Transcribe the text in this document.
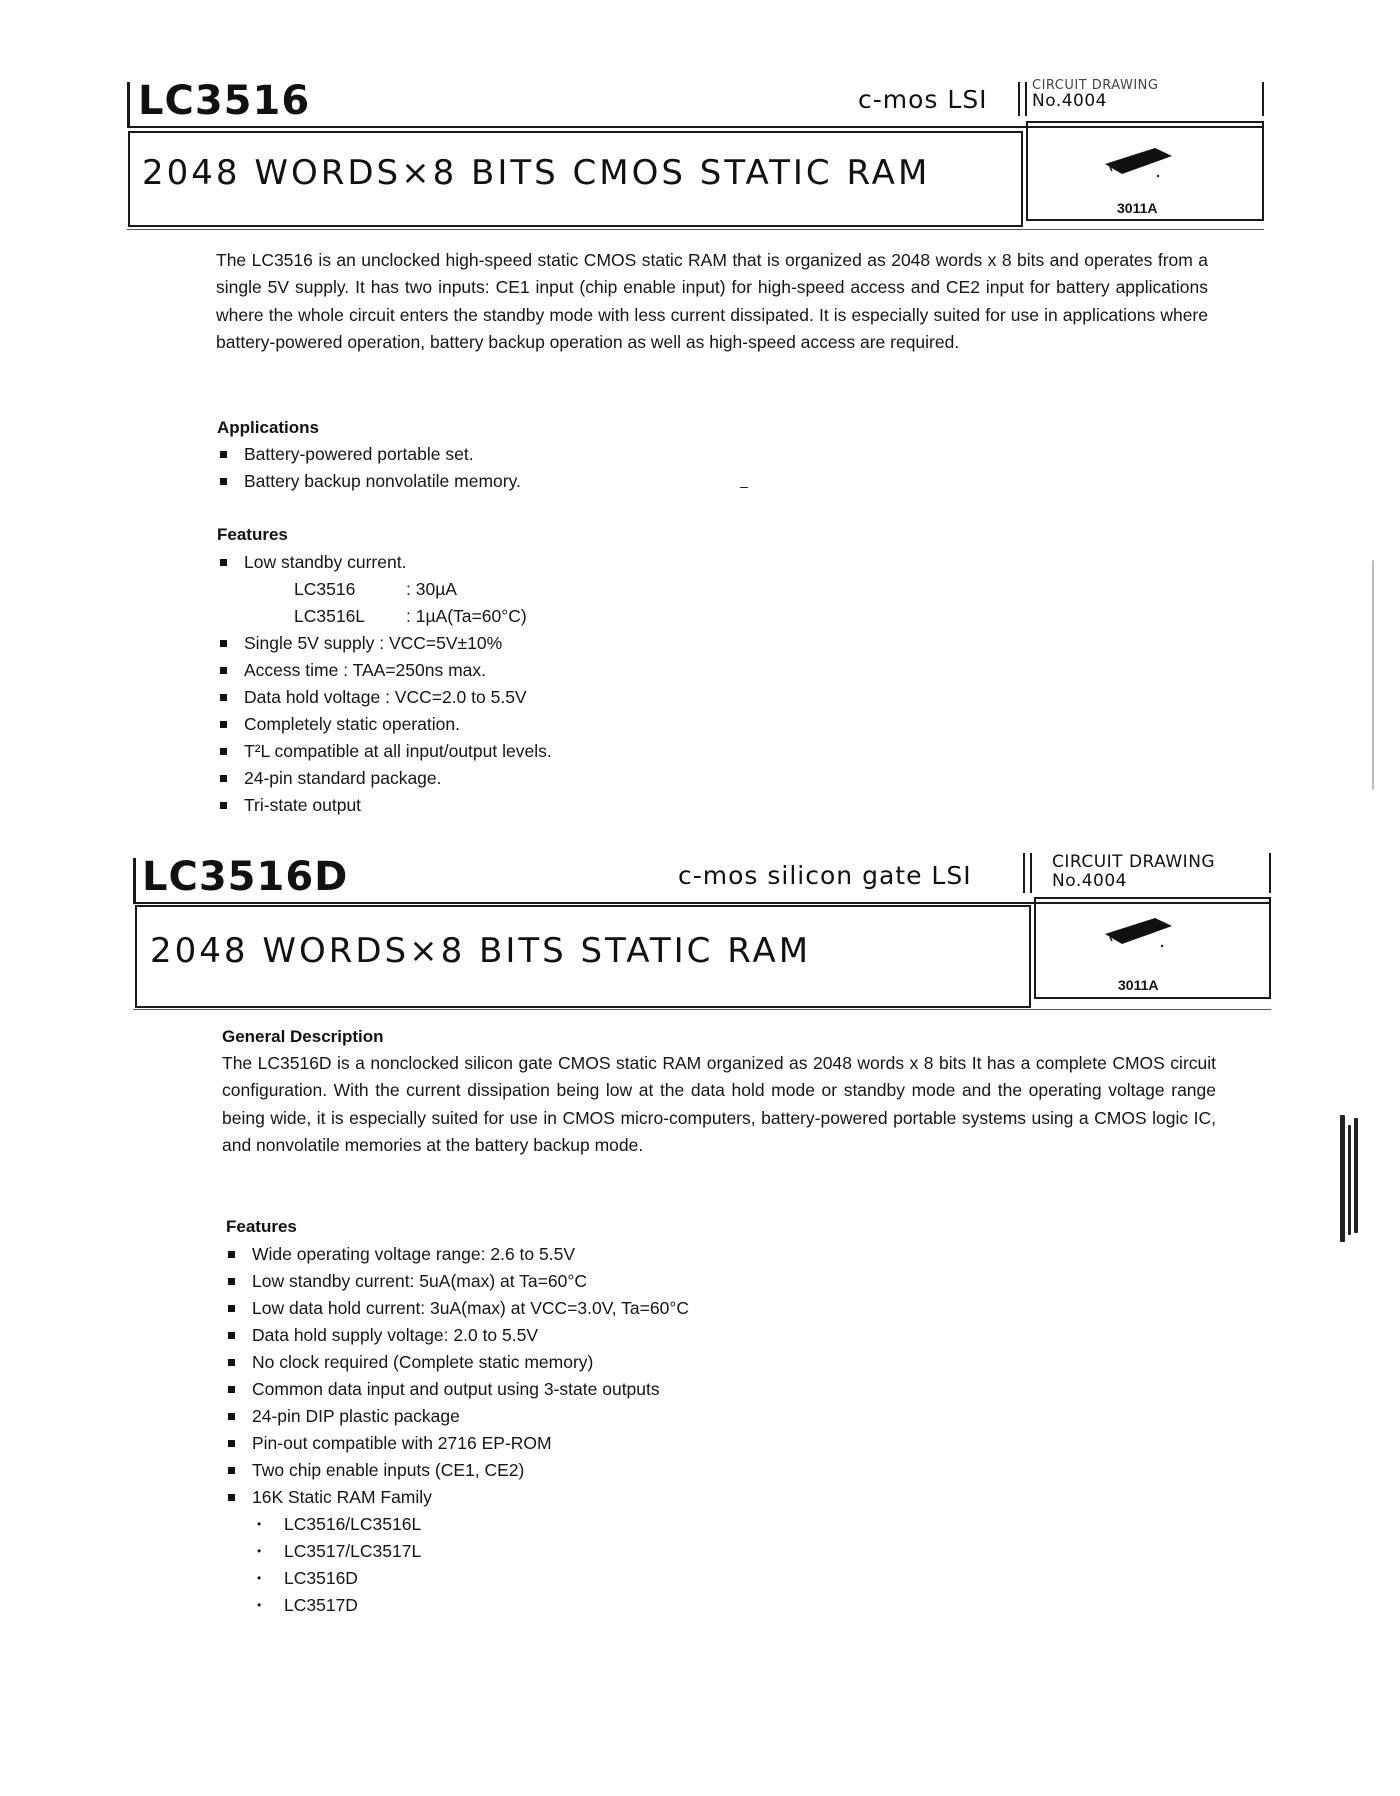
LC3516	c-mos LSI	CIRCUIT DRAWING
No.4004
2048 WORDS×8 BITS CMOS STATIC RAM
3011A
The LC3516 is an unclocked high-speed static CMOS static RAM that is organized as 2048 words x 8 bits and operates from a single 5V supply. It has two inputs: CE1 input (chip enable input) for high-speed access and CE2 input for battery applications where the whole circuit enters the standby mode with less current dissipated. It is especially suited for use in applications where battery-powered operation, battery backup operation as well as high-speed access are required.
Applications
Battery-powered portable set.
Battery backup nonvolatile memory.
Features
Low standby current.
LC3516	: 30µA
LC3516L : 1µA(Ta=60°C)
Single 5V supply : VCC=5V±10%
Access time : TAA=250ns max.
Data hold voltage : VCC=2.0 to 5.5V
Completely static operation.
T²L compatible at all input/output levels.
24-pin standard package.
Tri-state output
LC3516D	c-mos silicon gate LSI	CIRCUIT DRAWING
No.4004
2048 WORDS×8 BITS STATIC RAM
3011A
General Description
The LC3516D is a nonclocked silicon gate CMOS static RAM organized as 2048 words x 8 bits It has a complete CMOS circuit configuration. With the current dissipation being low at the data hold mode or standby mode and the operating voltage range being wide, it is especially suited for use in CMOS micro-computers, battery-powered portable systems using a CMOS logic IC, and nonvolatile memories at the battery backup mode.
Features
Wide operating voltage range: 2.6 to 5.5V
Low standby current: 5uA(max) at Ta=60°C
Low data hold current: 3uA(max) at VCC=3.0V, Ta=60°C
Data hold supply voltage: 2.0 to 5.5V
No clock required (Complete static memory)
Common data input and output using 3-state outputs
24-pin DIP plastic package
Pin-out compatible with 2716 EP-ROM
Two chip enable inputs (CE1, CE2)
16K Static RAM Family
• LC3516/LC3516L
• LC3517/LC3517L
• LC3516D
• LC3517D
